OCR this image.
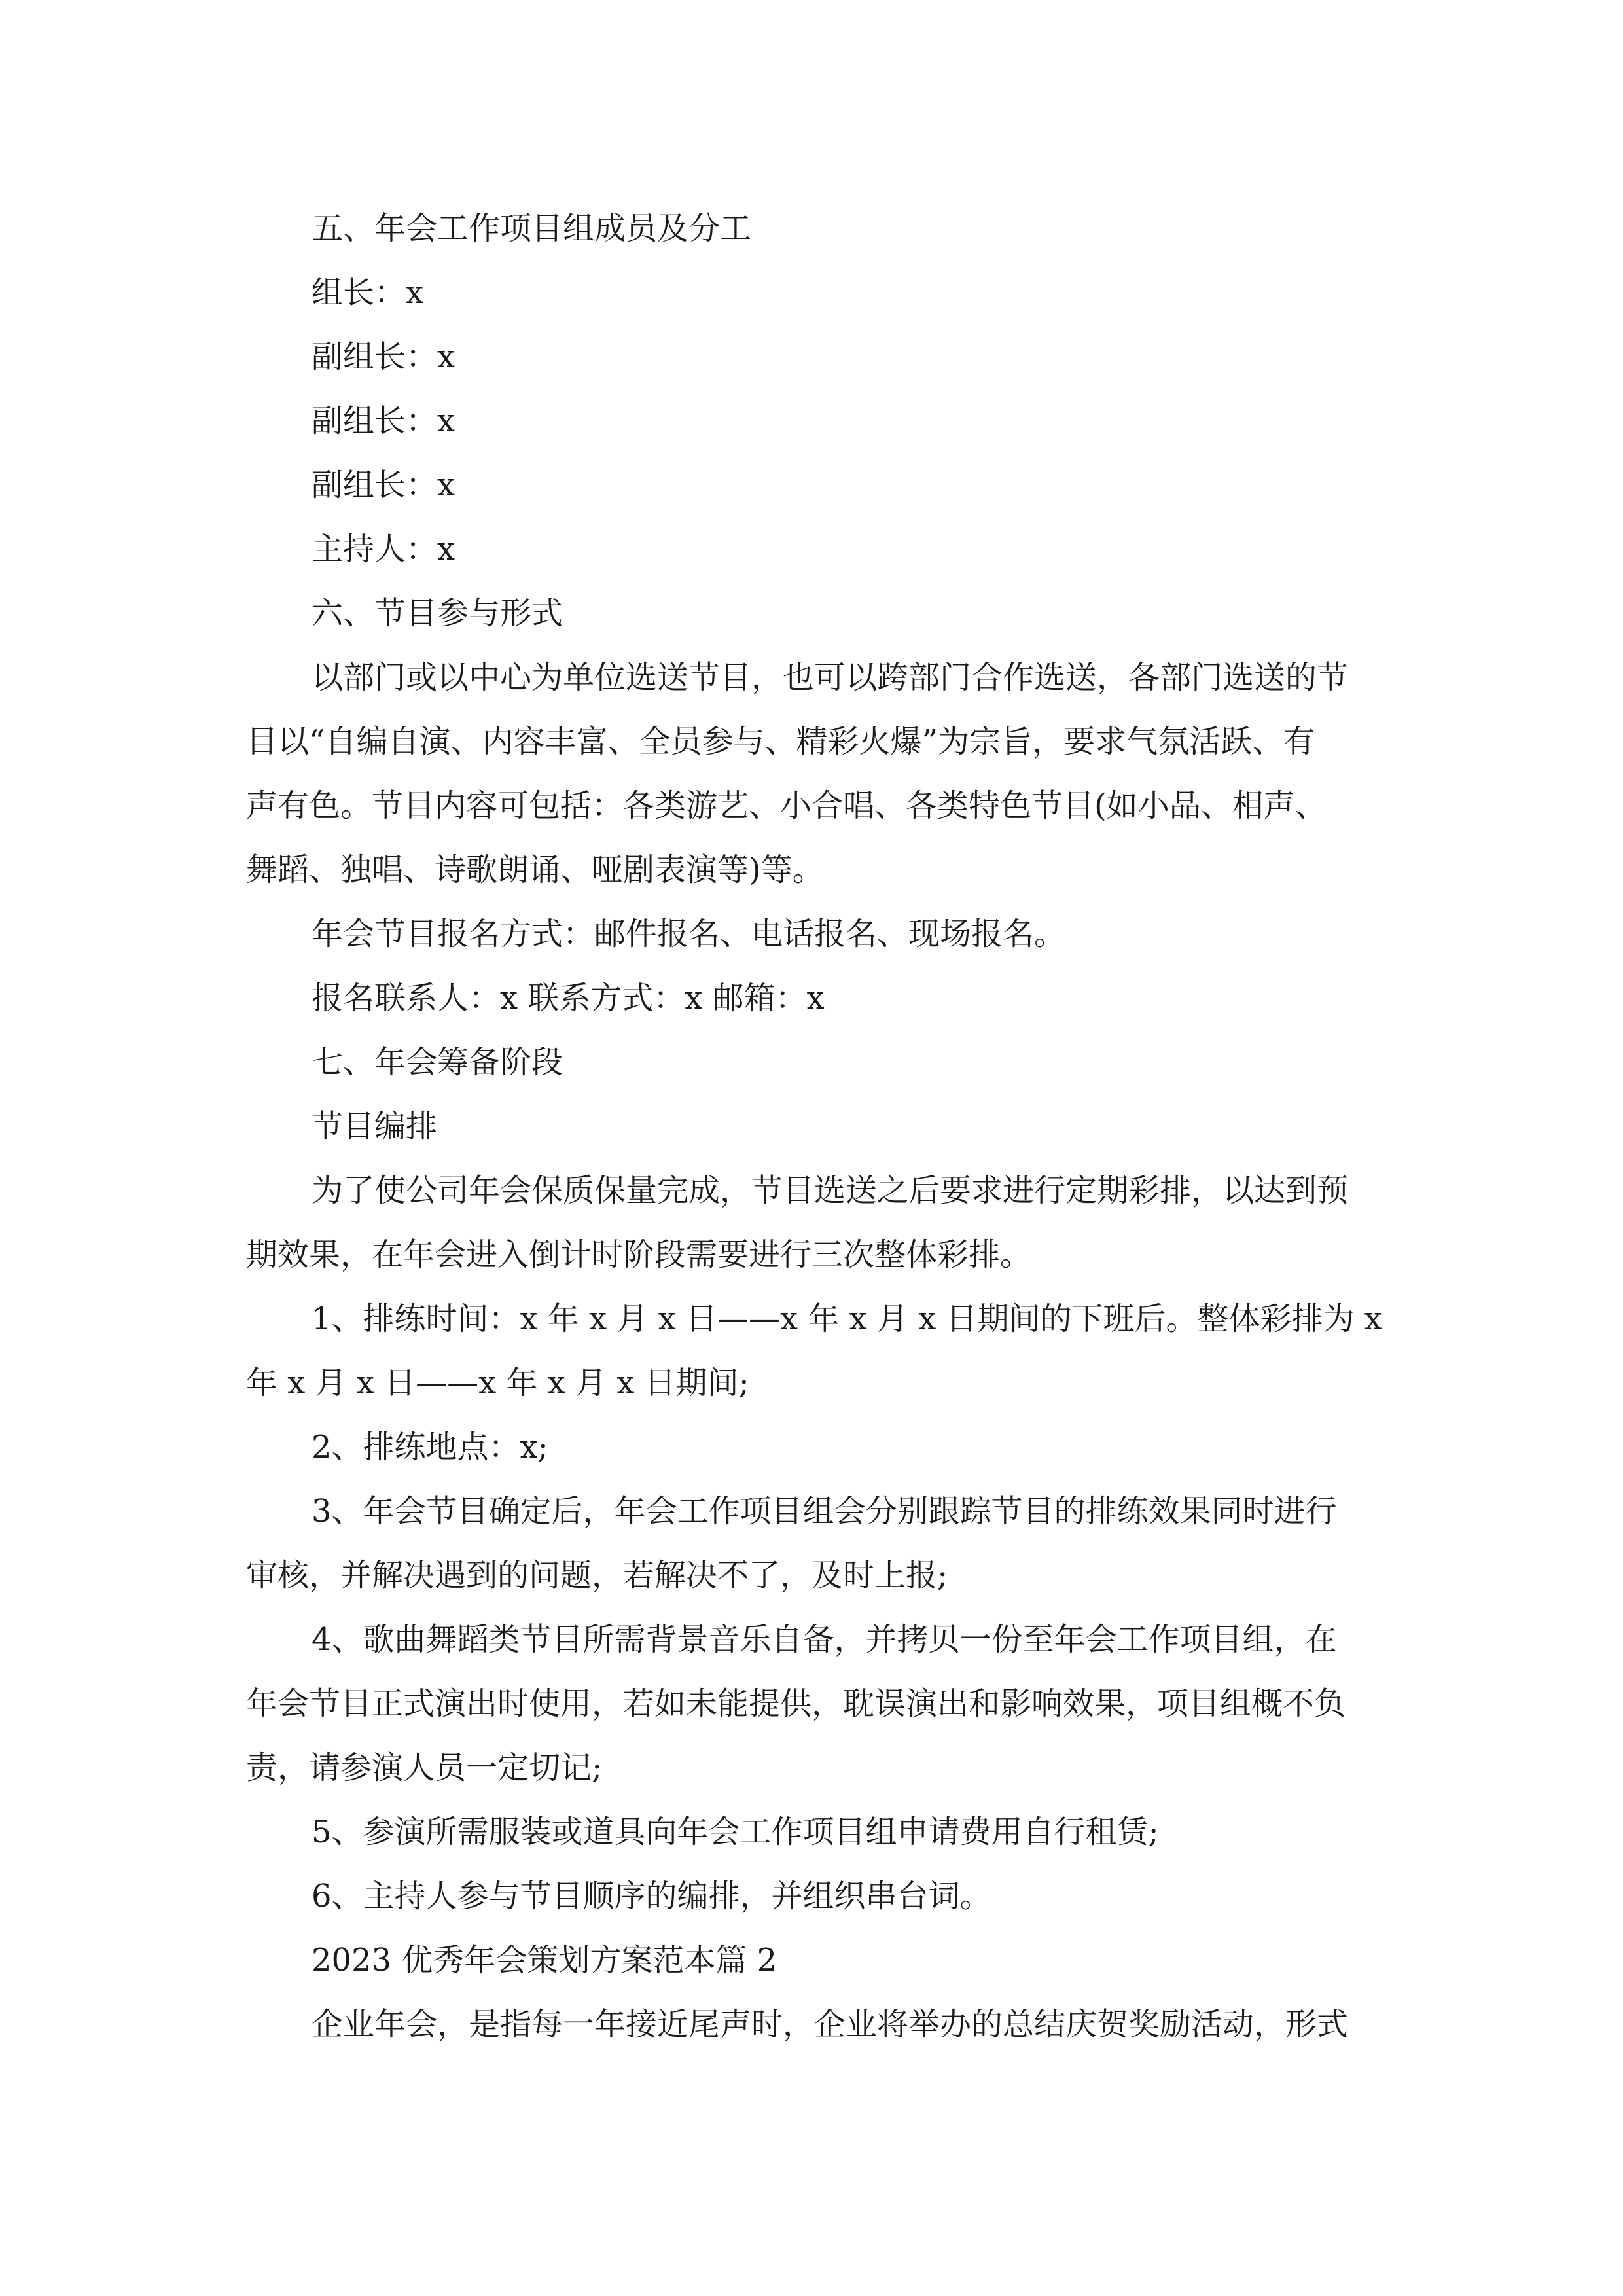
五、年会工作项目组成员及分工
组长：x
副组长：x
副组长：x
副组长：x
主持人：x
六、节目参与形式
以部门或以中心为单位选送节目，也可以跨部门合作选送，各部门选送的节
目以“自编自演、内容丰富、全员参与、精彩火爆”为宗旨，要求气氛活跃、有
声有色。节目内容可包括：各类游艺、小合唱、各类特色节目(如小品、相声、
舞蹈、独唱、诗歌朗诵、哑剧表演等)等。
年会节目报名方式：邮件报名、电话报名、现场报名。
报名联系人：x 联系方式：x 邮箱：x
七、年会筹备阶段
节目编排
为了使公司年会保质保量完成，节目选送之后要求进行定期彩排，以达到预
期效果，在年会进入倒计时阶段需要进行三次整体彩排。
1、排练时间：x 年 x 月 x 日——x 年 x 月 x 日期间的下班后。整体彩排为 x
年 x 月 x 日——x 年 x 月 x 日期间;
2、排练地点：x;
3、年会节目确定后，年会工作项目组会分别跟踪节目的排练效果同时进行
审核，并解决遇到的问题，若解决不了，及时上报;
4、歌曲舞蹈类节目所需背景音乐自备，并拷贝一份至年会工作项目组，在
年会节目正式演出时使用，若如未能提供，耽误演出和影响效果，项目组概不负
责，请参演人员一定切记;
5、参演所需服装或道具向年会工作项目组申请费用自行租赁;
6、主持人参与节目顺序的编排，并组织串台词。
2023 优秀年会策划方案范本篇 2
企业年会，是指每一年接近尾声时，企业将举办的总结庆贺奖励活动，形式
